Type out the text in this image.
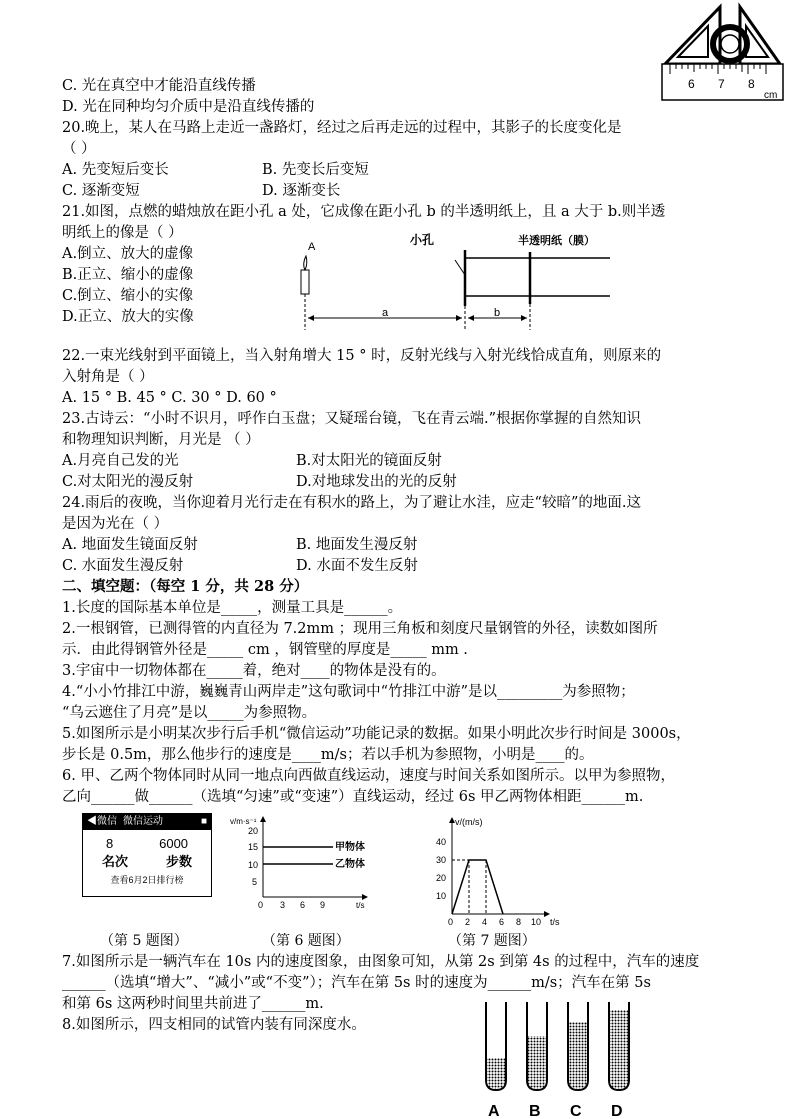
6 7 8
cm
C. 光在真空中才能沿直线传播
D. 光在同种均匀介质中是沿直线传播的
20.晚上，某人在马路上走近一盏路灯，经过之后再走远的过程中，其影子的长度变化是
（ ）
A. 先变短后变长	B. 先变长后变短
C. 逐渐变短	D. 逐渐变长
21.如图，点燃的蜡烛放在距小孔 a 处，它成像在距小孔 b 的半透明纸上，且 a 大于 b.则半透
明纸上的像是（ ）
A.倒立、放大的虚像
B.正立、缩小的虚像
C.倒立、缩小的实像
D.正立、放大的实像
A	小孔	半透明纸（膜）
a	b
22.一束光线射到平面镜上，当入射角增大 15 ° 时，反射光线与入射光线恰成直角，则原来的
入射角是（ ）
A. 15 ° B. 45 ° C. 30 ° D. 60 °
23.古诗云：“小时不识月，呼作白玉盘；又疑瑶台镜，飞在青云端.”根据你掌握的自然知识
和物理知识判断，月光是 （ ）
A.月亮自己发的光	B.对太阳光的镜面反射
C.对太阳光的漫反射	D.对地球发出的光的反射
24.雨后的夜晚，当你迎着月光行走在有积水的路上，为了避让水洼，应走“较暗”的地面.这
是因为光在（ ）
A. 地面发生镜面反射	B. 地面发生漫反射
C. 水面发生漫反射	D. 水面不发生反射
二、填空题：（每空 1 分，共 28 分）
1.长度的国际基本单位是_____，测量工具是______。
2.一根钢管，已测得管的内直径为 7.2mm ；现用三角板和刻度尺量钢管的外径，读数如图所
示．由此得钢管外径是_____ cm ，钢管壁的厚度是_____ mm .
3.宇宙中一切物体都在_____着，绝对____的物体是没有的。
4.“小小竹排江中游，巍巍青山两岸走”这句歌词中“竹排江中游”是以_________为参照物；
“乌云遮住了月亮”是以_____为参照物。
5.如图所示是小明某次步行后手机“微信运动”功能记录的数据。如果小明此次步行时间是 3000s，
步长是 0.5m，那么他步行的速度是____m/s；若以手机为参照物，小明是____的。
6. 甲、乙两个物体同时从同一地点向西做直线运动，速度与时间关系如图所示。以甲为参照物，
乙向______做______（选填“匀速”或“变速”）直线运动，经过 6s 甲乙两物体相距______m.
◀微信 微信运动	■
8	6000
名次	步数
查看6月2日排行榜
v/m·s⁻¹
t/s
20
15
10
5
0 3 6 9
甲物体
乙物体
v/(m/s)
t/s
40
30
20
10
0 2 4 6 8 10
（第 5 题图）	（第 6 题图）	（第 7 题图）
7.如图所示是一辆汽车在 10s 内的速度图象，由图象可知，从第 2s 到第 4s 的过程中，汽车的速度
______（选填“增大”、“减小”或“不变”）；汽车在第 5s 时的速度为______m/s；汽车在第 5s
和第 6s 这两秒时间里共前进了______m.
8.如图所示，四支相同的试管内装有同深度水。
A B C D
